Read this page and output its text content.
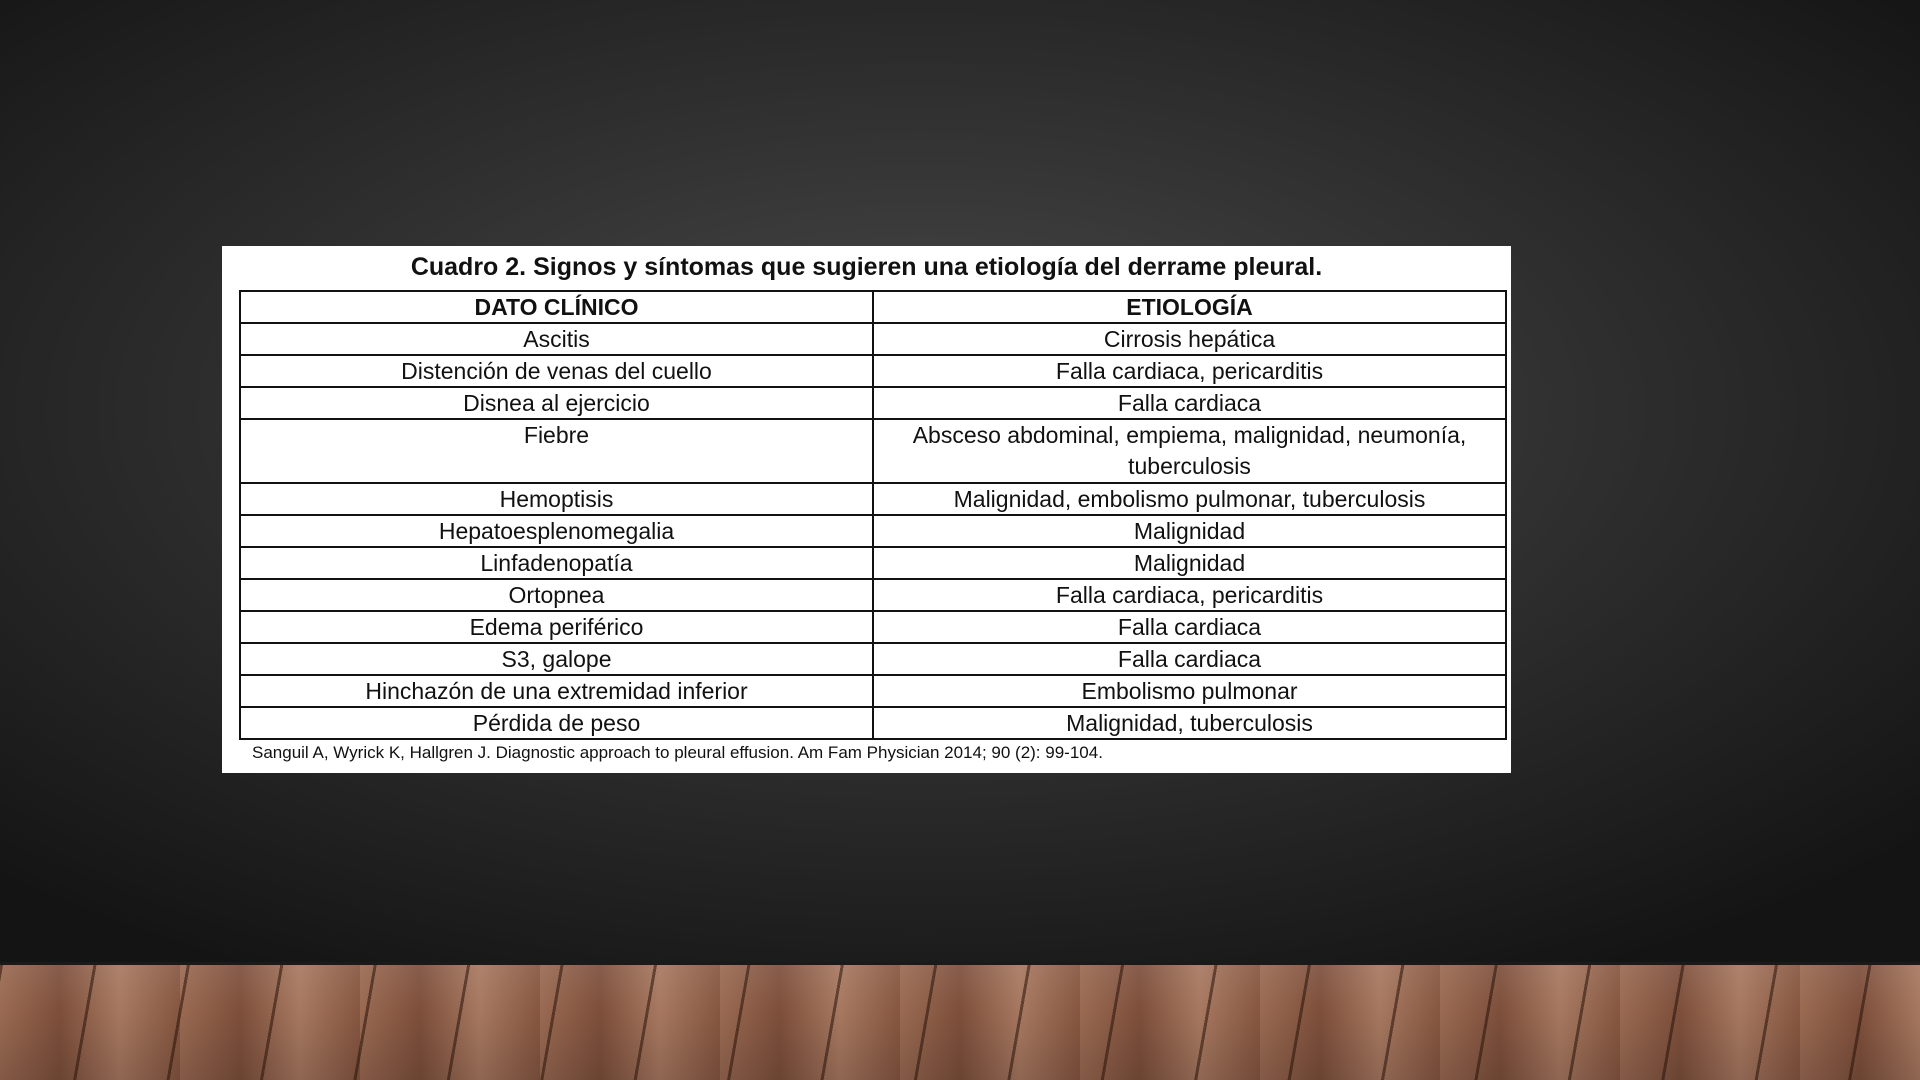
Cuadro 2. Signos y síntomas que sugieren una etiología del derrame pleural.
DATO CLÍNICO	ETIOLOGÍA
Ascitis	Cirrosis hepática
Distención de venas del cuello	Falla cardiaca, pericarditis
Disnea al ejercicio	Falla cardiaca
Fiebre	Absceso abdominal, empiema, malignidad, neumonía, tuberculosis
Hemoptisis	Malignidad, embolismo pulmonar, tuberculosis
Hepatoesplenomegalia	Malignidad
Linfadenopatía	Malignidad
Ortopnea	Falla cardiaca, pericarditis
Edema periférico	Falla cardiaca
S3, galope	Falla cardiaca
Hinchazón de una extremidad inferior	Embolismo pulmonar
Pérdida de peso	Malignidad, tuberculosis
Sanguil A, Wyrick K, Hallgren J. Diagnostic approach to pleural effusion. Am Fam Physician 2014; 90 (2): 99-104.
